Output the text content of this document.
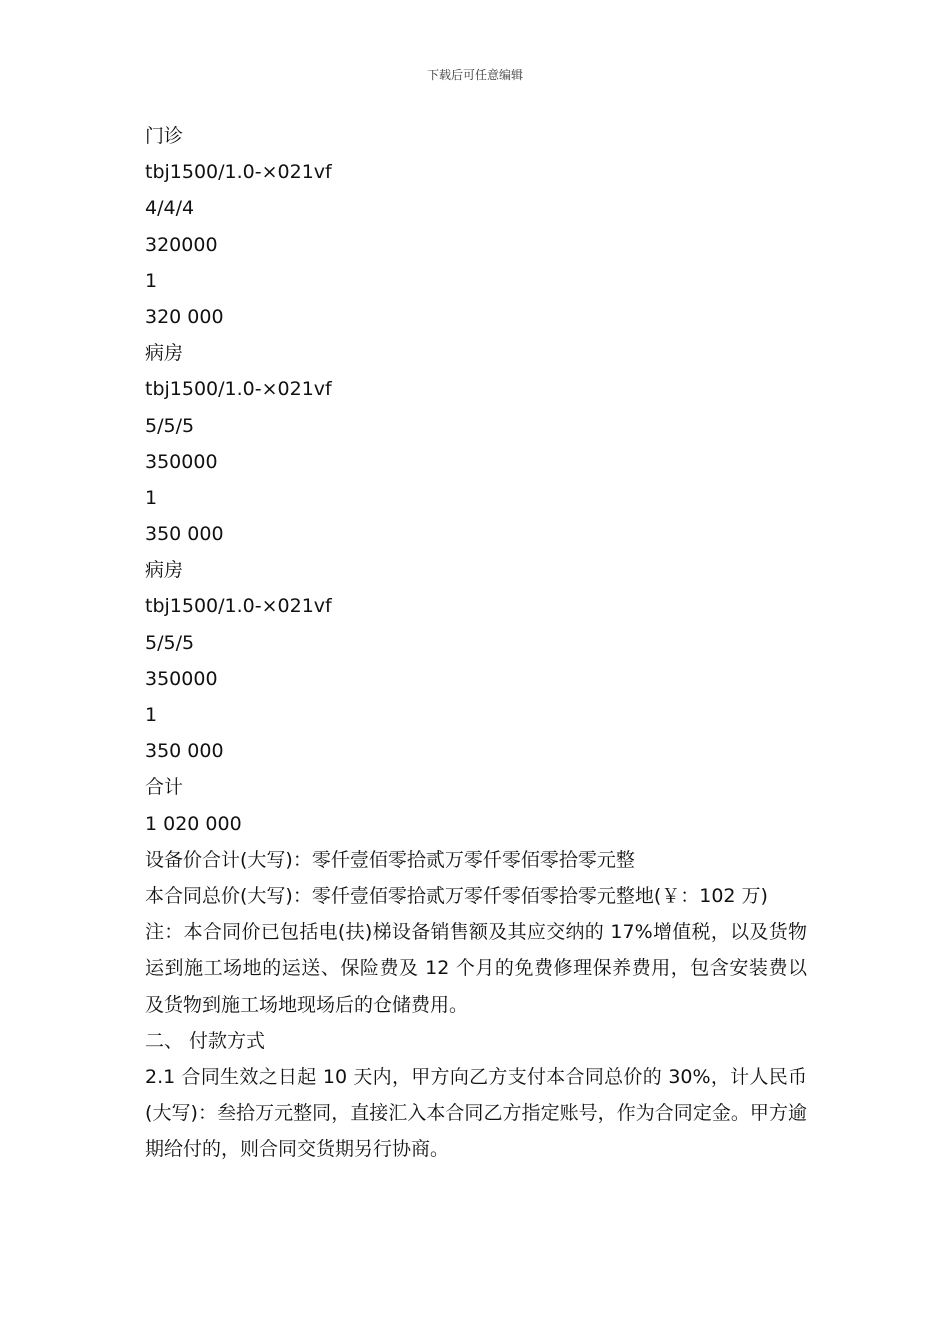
下载后可任意编辑
门诊
tbj1500/1.0-×021vf
4/4/4
320000
1
320 000
病房
tbj1500/1.0-×021vf
5/5/5
350000
1
350 000
病房
tbj1500/1.0-×021vf
5/5/5
350000
1
350 000
合计
1 020 000
设备价合计(大写)：零仟壹佰零拾贰万零仟零佰零拾零元整
本合同总价(大写)：零仟壹佰零拾贰万零仟零佰零拾零元整地(￥：102 万)
注：本合同价已包括电(扶)梯设备销售额及其应交纳的 17%增值税，以及货物运到施工场地的运送、保险费及 12 个月的免费修理保养费用，包含安装费以及货物到施工场地现场后的仓储费用。
二、 付款方式
2.1 合同生效之日起 10 天内，甲方向乙方支付本合同总价的 30%，计人民币(大写)：叁拾万元整同，直接汇入本合同乙方指定账号，作为合同定金。甲方逾期给付的，则合同交货期另行协商。
